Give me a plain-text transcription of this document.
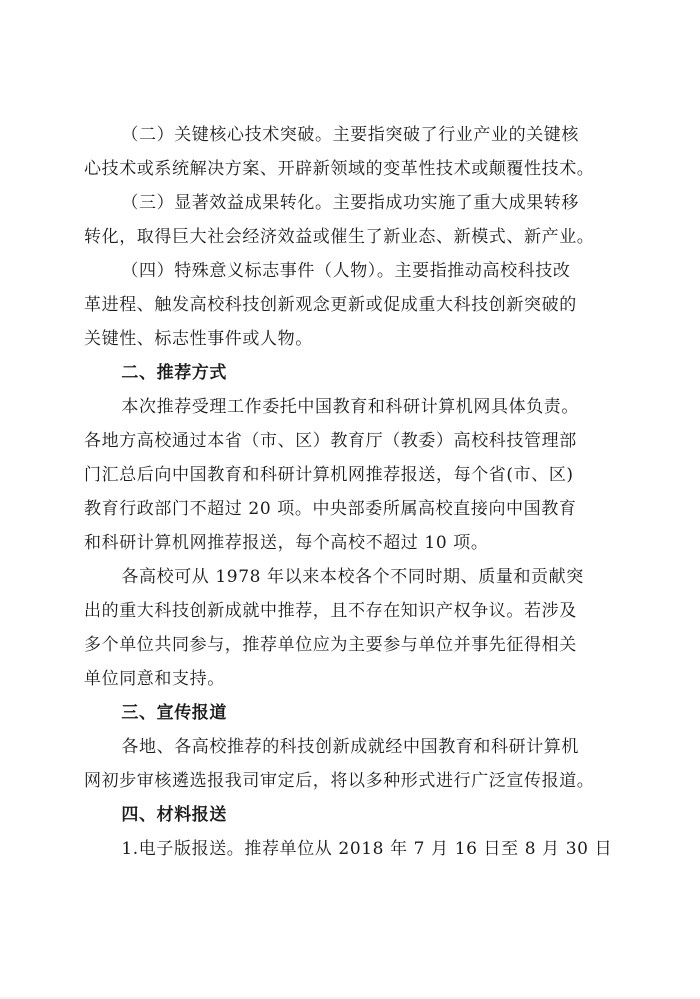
（二）关键核心技术突破。主要指突破了行业产业的关键核
心技术或系统解决方案、开辟新领域的变革性技术或颠覆性技术。

（三）显著效益成果转化。主要指成功实施了重大成果转移
转化，取得巨大社会经济效益或催生了新业态、新模式、新产业。

（四）特殊意义标志事件（人物）。主要指推动高校科技改
革进程、触发高校科技创新观念更新或促成重大科技创新突破的
关键性、标志性事件或人物。

二、推荐方式

本次推荐受理工作委托中国教育和科研计算机网具体负责。
各地方高校通过本省（市、区）教育厅（教委）高校科技管理部
门汇总后向中国教育和科研计算机网推荐报送，每个省(市、区)
教育行政部门不超过 20 项。中央部委所属高校直接向中国教育
和科研计算机网推荐报送，每个高校不超过 10 项。

各高校可从 1978 年以来本校各个不同时期、质量和贡献突
出的重大科技创新成就中推荐，且不存在知识产权争议。若涉及
多个单位共同参与，推荐单位应为主要参与单位并事先征得相关
单位同意和支持。

三、宣传报道

各地、各高校推荐的科技创新成就经中国教育和科研计算机
网初步审核遴选报我司审定后，将以多种形式进行广泛宣传报道。

四、材料报送

1.电子版报送。推荐单位从 2018 年 7 月 16 日至 8 月 30 日
